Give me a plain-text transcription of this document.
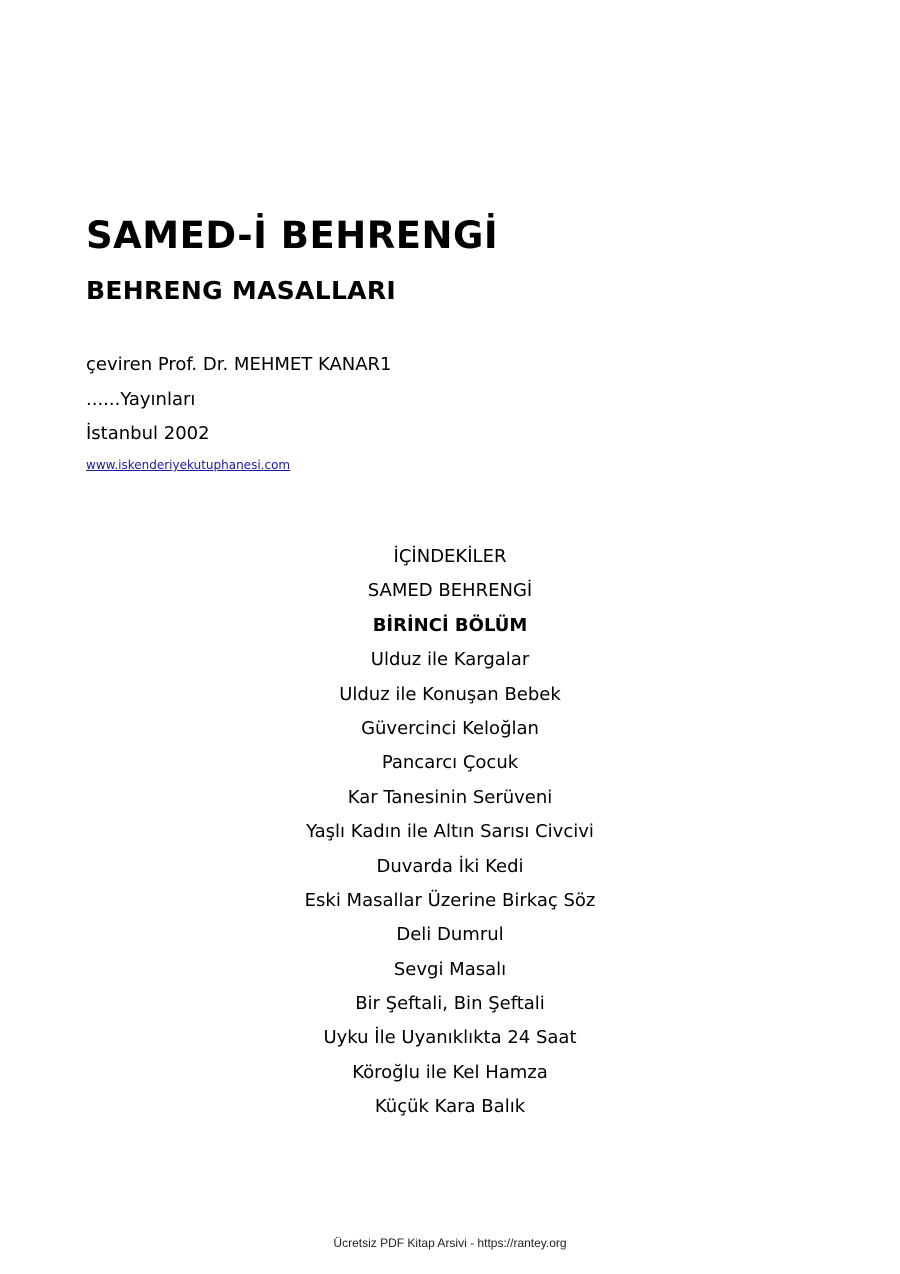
SAMED-İ BEHRENGİ
BEHRENG MASALLARI
çeviren Prof. Dr. MEHMET KANAR1
......Yayınları
İstanbul 2002
www.iskenderiyekutuphanesi.com
İÇİNDEKİLER
SAMED BEHRENGİ
BİRİNCİ BÖLÜM
Ulduz ile Kargalar
Ulduz ile Konuşan Bebek
Güvercinci Keloğlan
Pancarcı Çocuk
Kar Tanesinin Serüveni
Yaşlı Kadın ile Altın Sarısı Civcivi
Duvarda İki Kedi
Eski Masallar Üzerine Birkaç Söz
Deli Dumrul
Sevgi Masalı
Bir Şeftali, Bin Şeftali
Uyku İle Uyanıklıkta 24 Saat
Köroğlu ile Kel Hamza
Küçük Kara Balık
Ücretsiz PDF Kitap Arsivi - https://rantey.org
